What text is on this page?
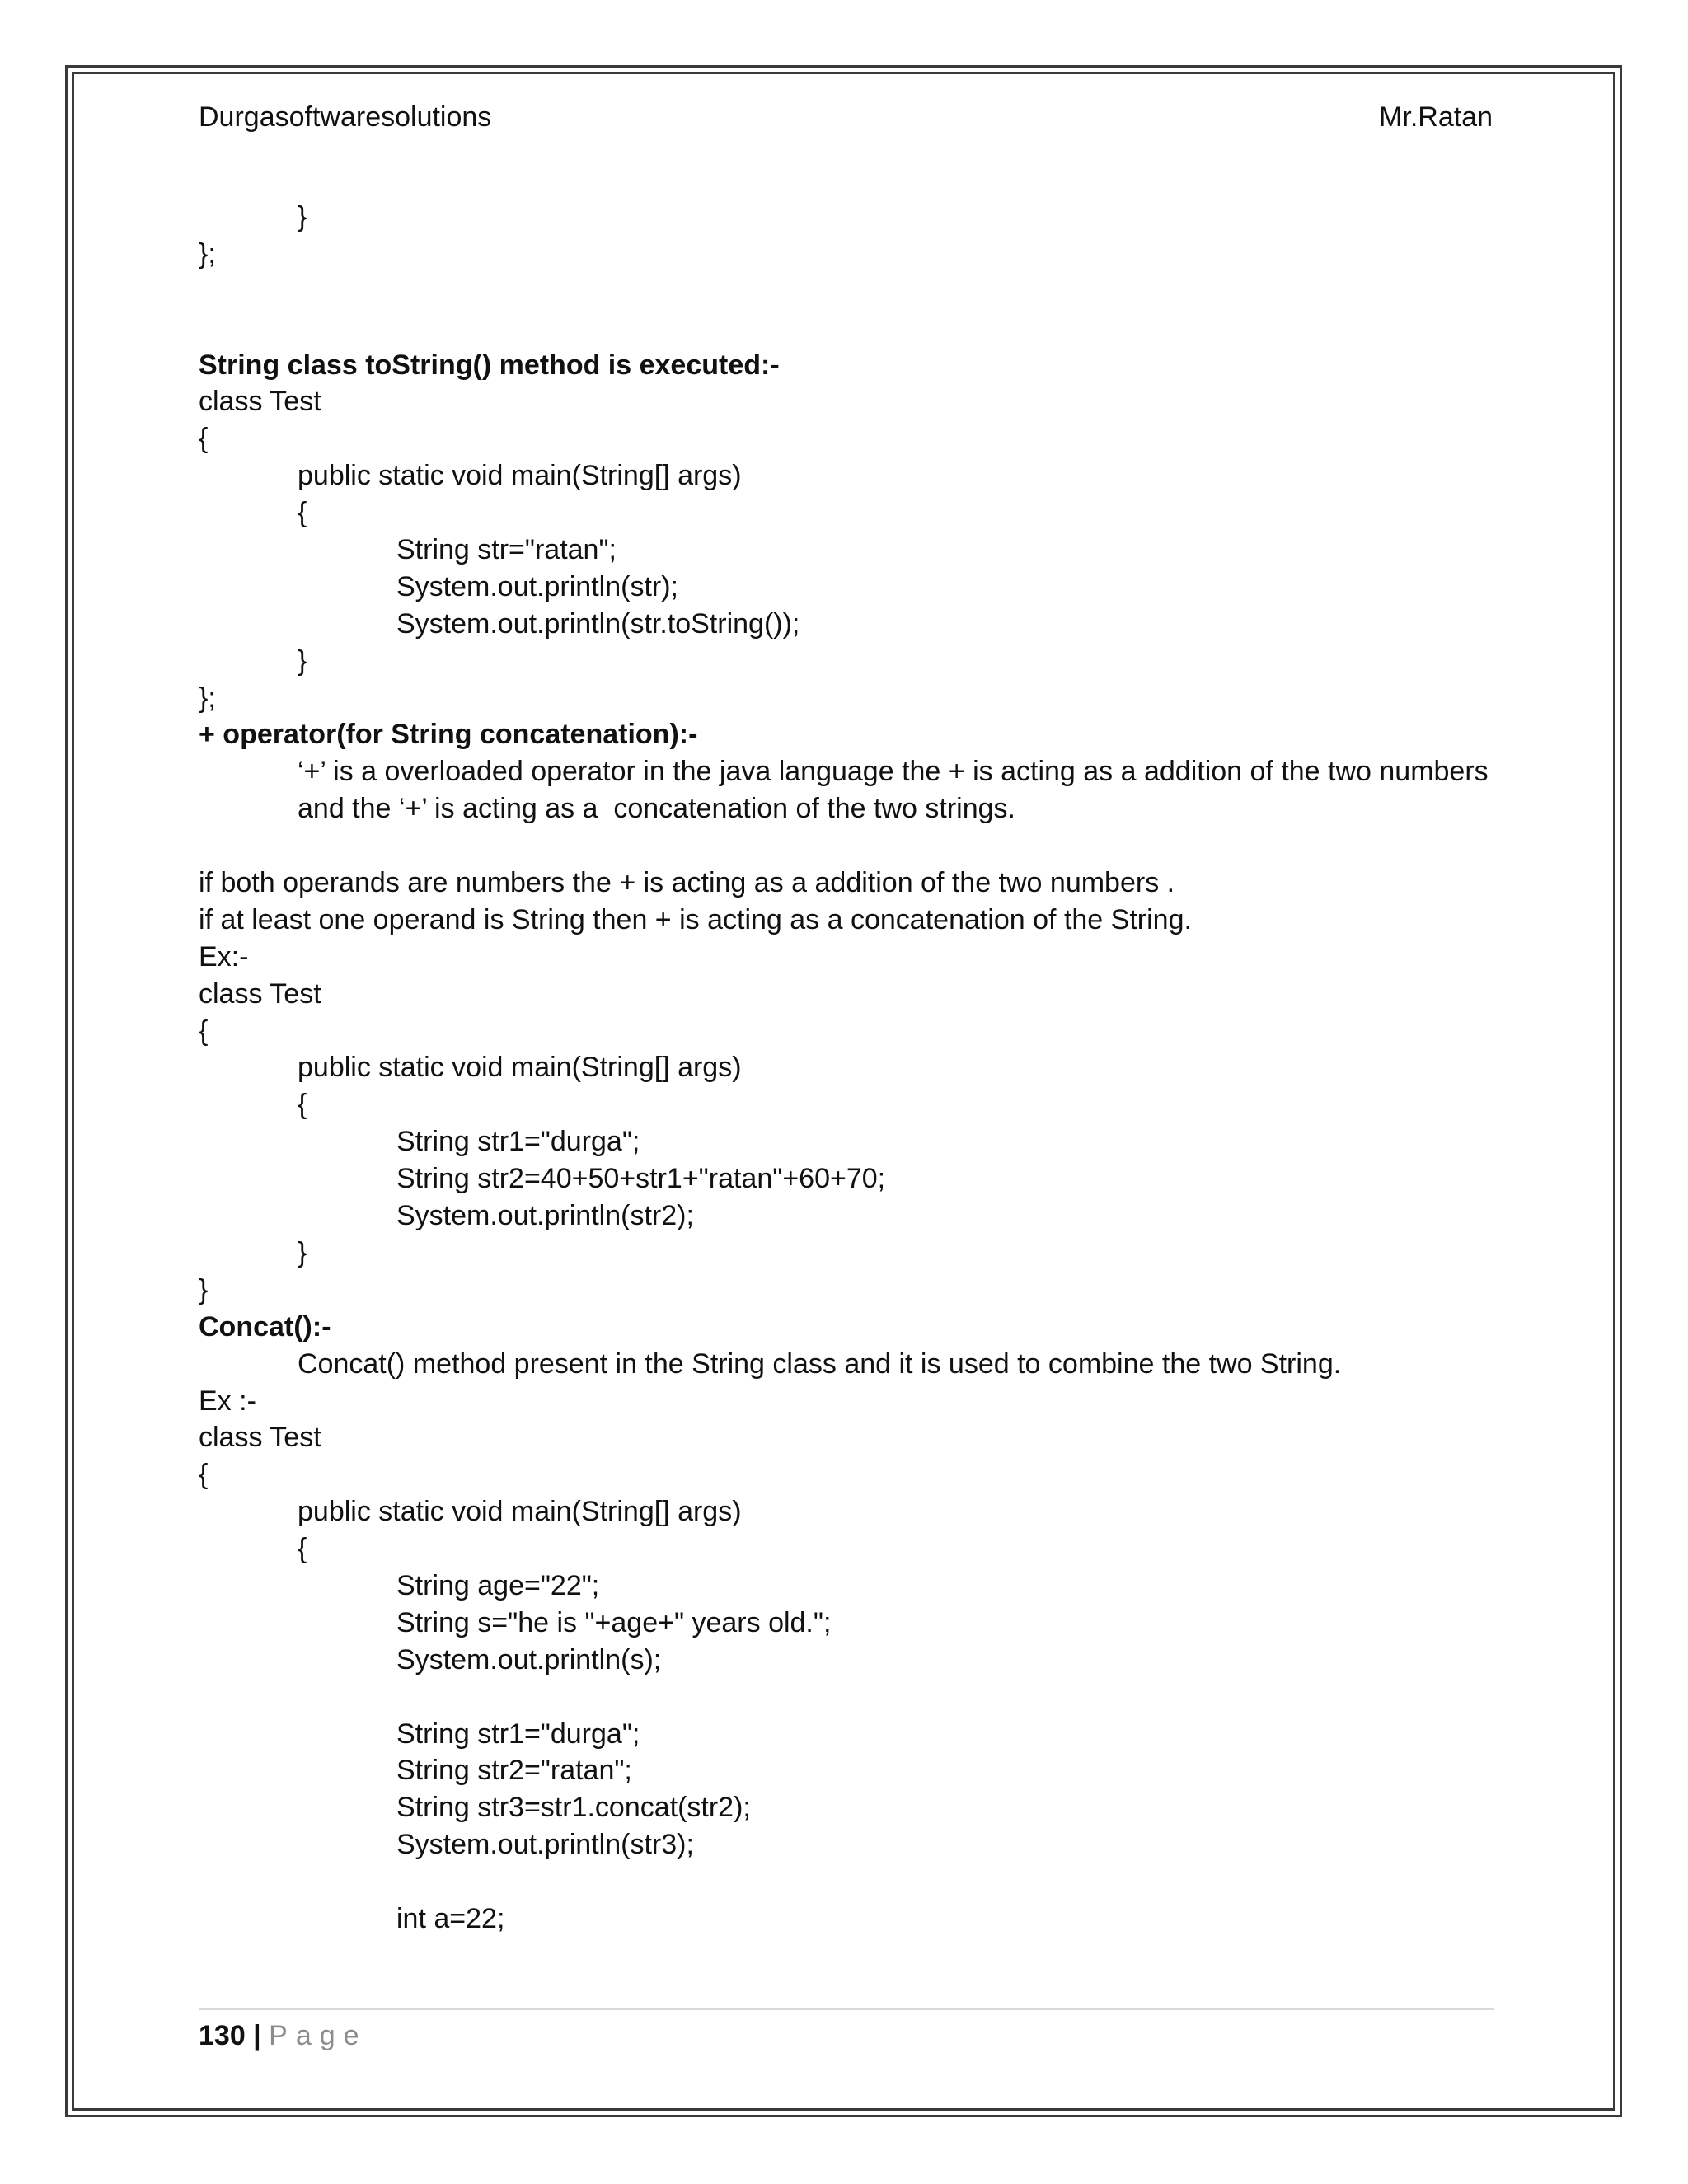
Durgasoftwaresolutions	Mr.Ratan
}
};
String class toString() method is executed:-
class Test
{
public static void main(String[] args)
{
String str="ratan";
System.out.println(str);
System.out.println(str.toString());
}
};
+ operator(for String concatenation):-
‘+’ is a overloaded operator in the java language the + is acting as a addition of the two numbers
and the ‘+’ is acting as a  concatenation of the two strings.
if both operands are numbers the + is acting as a addition of the two numbers .
if at least one operand is String then + is acting as a concatenation of the String.
Ex:-
class Test
{
public static void main(String[] args)
{
String str1="durga";
String str2=40+50+str1+"ratan"+60+70;
System.out.println(str2);
}
}
Concat():-
Concat() method present in the String class and it is used to combine the two String.
Ex :-
class Test
{
public static void main(String[] args)
{
String age="22";
String s="he is "+age+" years old.";
System.out.println(s);
String str1="durga";
String str2="ratan";
String str3=str1.concat(str2);
System.out.println(str3);
int a=22;
130 | Page
